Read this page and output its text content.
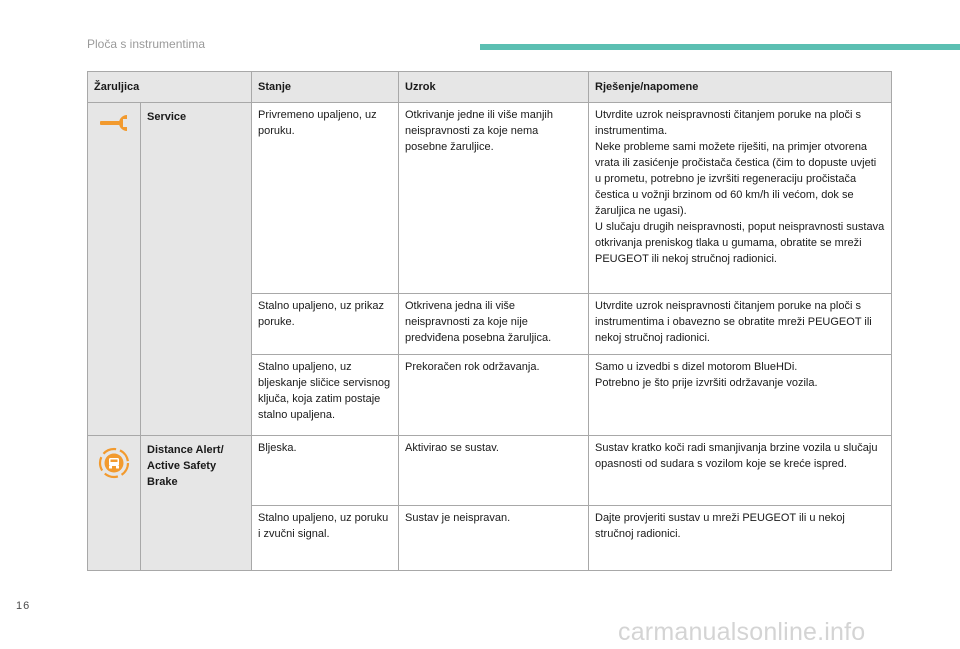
Ploča s instrumentima
Žaruljica		Stanje	Uzrok	Rješenje/napomene
	Service	Privremeno upaljeno, uz poruku.	Otkrivanje jedne ili više manjih neispravnosti za koje nema posebne žaruljice.	Utvrdite uzrok neispravnosti čitanjem poruke na ploči s instrumentima.
Neke probleme sami možete riješiti, na primjer otvorena vrata ili zasićenje pročistača čestica (čim to dopuste uvjeti u prometu, potrebno je izvršiti regeneraciju pročistača čestica u vožnji brzinom od 60 km/h ili većom, dok se žaruljica ne ugasi).
U slučaju drugih neispravnosti, poput neispravnosti sustava otkrivanja preniskog tlaka u gumama, obratite se mreži PEUGEOT ili nekoj stručnoj radionici.

		Stalno upaljeno, uz prikaz poruke.	Otkrivena jedna ili više neispravnosti za koje nije predviđena posebna žaruljica.	Utvrdite uzrok neispravnosti čitanjem poruke na ploči s instrumentima i obavezno se obratite mreži PEUGEOT ili nekoj stručnoj radionici.

		Stalno upaljeno, uz bljeskanje sličice servisnog ključa, koja zatim postaje stalno upaljena.	Prekoračen rok održavanja.	Samo u izvedbi s dizel motorom BlueHDi.
Potrebno je što prije izvršiti održavanje vozila.

	Distance Alert/ Active Safety Brake	Bljeska.	Aktivirao se sustav.	Sustav kratko koči radi smanjivanja brzine vozila u slučaju opasnosti od sudara s vozilom koje se kreće ispred.

		Stalno upaljeno, uz poruku i zvučni signal.	Sustav je neispravan.	Dajte provjeriti sustav u mreži PEUGEOT ili u nekoj stručnoj radionici.
16
carmanualsonline.info
